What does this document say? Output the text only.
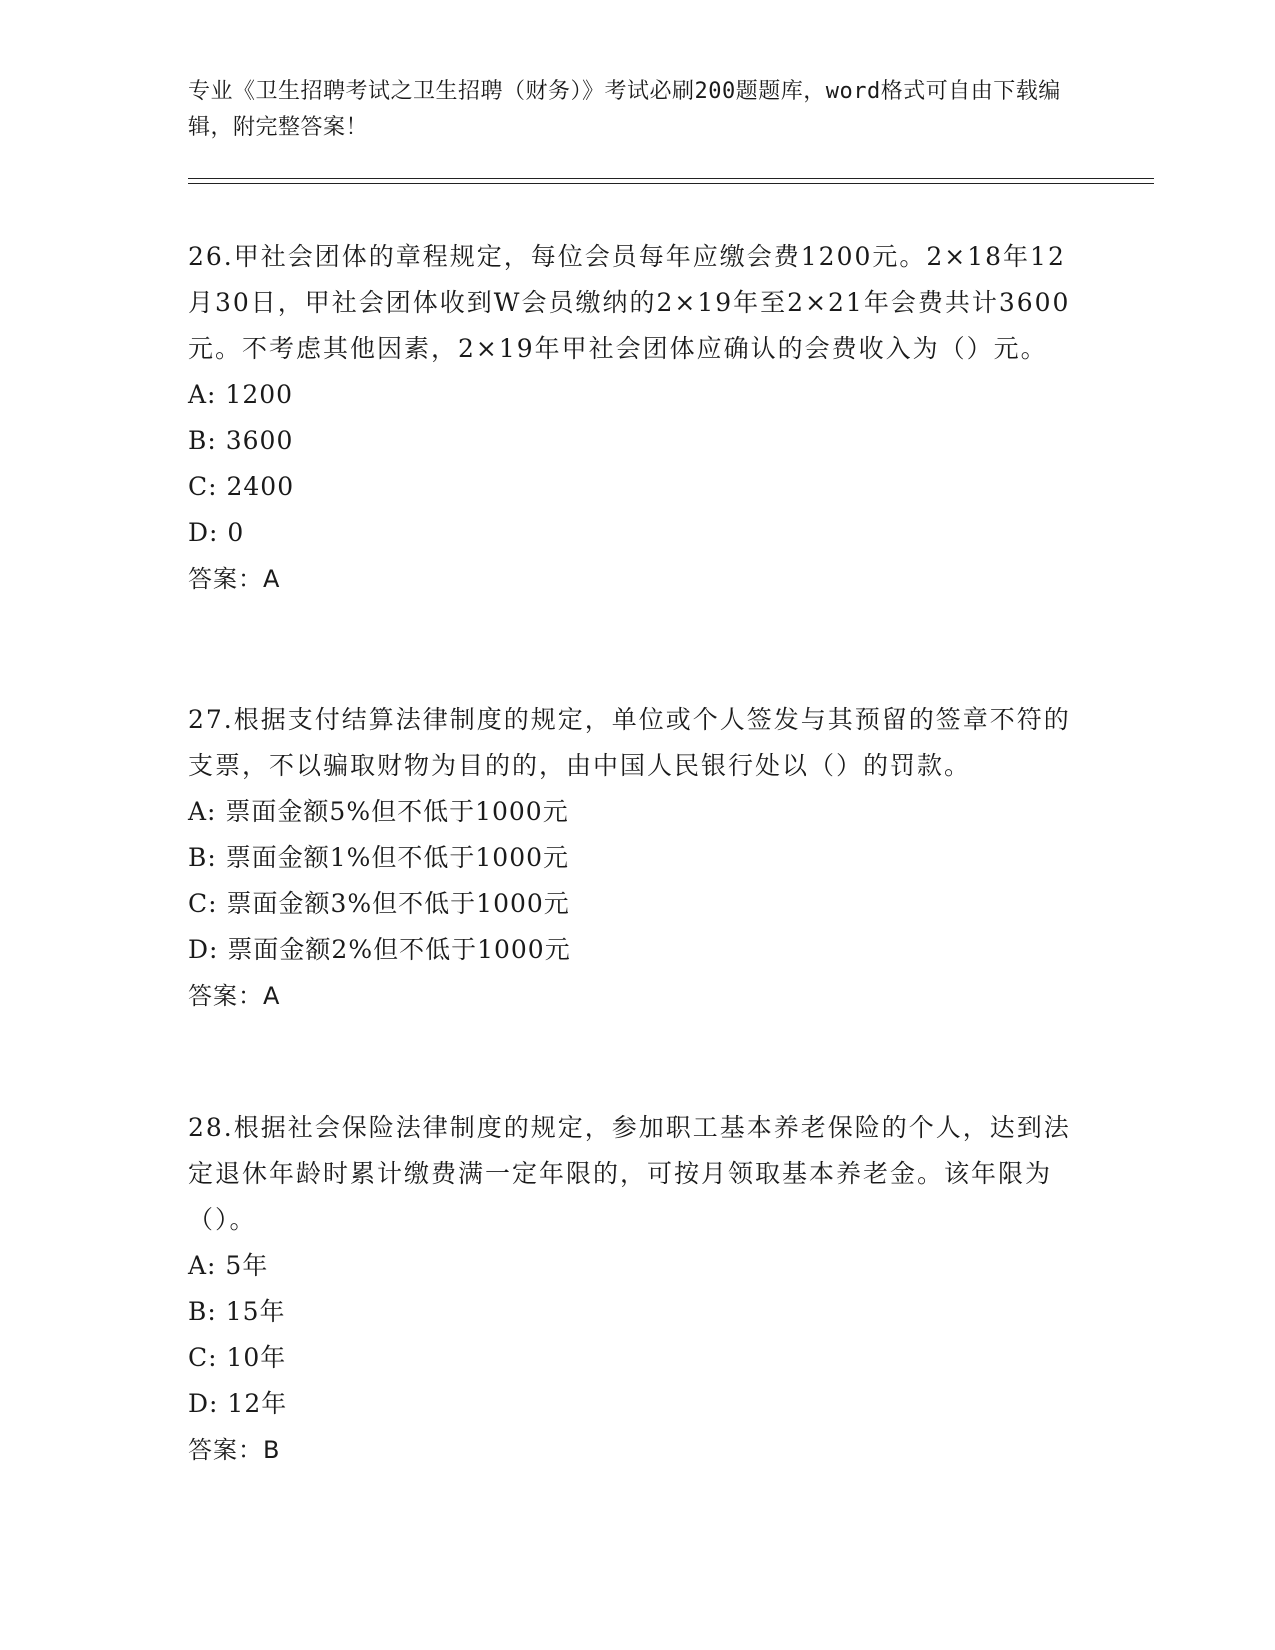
专业《卫生招聘考试之卫生招聘（财务）》考试必刷200题题库，word格式可自由下载编辑，附完整答案！

26.甲社会团体的章程规定，每位会员每年应缴会费1200元。2×18年12月30日，甲社会团体收到W会员缴纳的2×19年至2×21年会费共计3600元。不考虑其他因素，2×19年甲社会团体应确认的会费收入为（）元。

A: 1200

B: 3600

C: 2400

D: 0

答案：A

27.根据支付结算法律制度的规定，单位或个人签发与其预留的签章不符的支票，不以骗取财物为目的的，由中国人民银行处以（）的罚款。

A: 票面金额5%但不低于1000元

B: 票面金额1%但不低于1000元

C: 票面金额3%但不低于1000元

D: 票面金额2%但不低于1000元

答案：A

28.根据社会保险法律制度的规定，参加职工基本养老保险的个人，达到法定退休年龄时累计缴费满一定年限的，可按月领取基本养老金。该年限为（）。

A: 5年

B: 15年

C: 10年

D: 12年

答案：B
